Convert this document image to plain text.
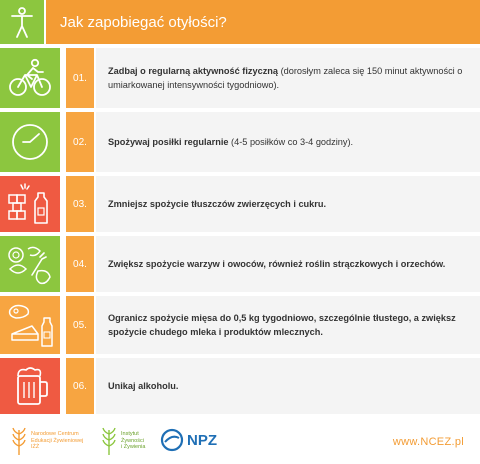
Jak zapobiegać otyłości?
01.
Zadbaj o regularną aktywność fizyczną (dorosłym zaleca się 150 minut aktywności o umiarkowanej intensywności tygodniowo).
02.	Spożywaj posiłki regularnie (4-5 posiłków co 3-4 godziny).
03.	Zmniejsz spożycie tłuszczów zwierzęcych i cukru.
04.	Zwiększ spożycie warzyw i owoców, również roślin strączkowych i orzechów.
05.
Ogranicz spożycie mięsa do 0,5 kg tygodniowo, szczególnie tłustego, a zwiększ spożycie chudego mleka i produktów mlecznych.
06.	Unikaj alkoholu.
Narodowe Centrum
Edukacji Żywieniowej
IŻŻ
Instytut
Żywności
i Żywienia	NPZ	www.NCEZ.pl
